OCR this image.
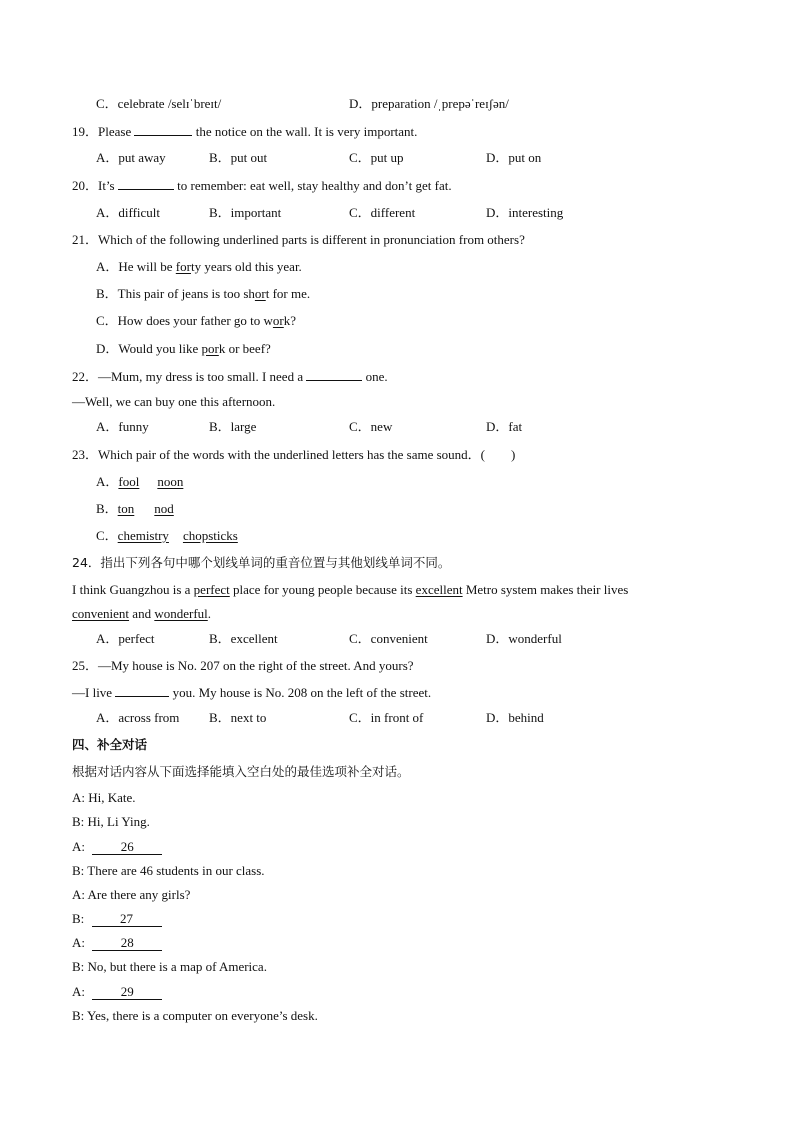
C．celebrate /selɪˈbreɪt/	D．preparation /ˌprepəˈreɪʃən/
19．Please	the notice on the wall. It is very important.
A．put away	B．put out	C．put up	D．put on
20．It’s	to remember: eat well, stay healthy and don’t get fat.
A．difficult	B．important	C．different	D．interesting
21．Which of the following underlined parts is different in pronunciation from others?
A．He will be forty years old this year.
B．This pair of jeans is too short for me.
C．How does your father go to work?
D．Would you like pork or beef?
22．—Mum, my dress is too small. I need a	one.
—Well, we can buy one this afternoon.
A．funny	B．large	C．new	D．fat
23．Which pair of the words with the underlined letters has the same sound．(　　)
A．fool noon
B．ton nod
C．chemistry chopsticks
24．指出下列各句中哪个划线单词的重音位置与其他划线单词不同。
I think Guangzhou is a perfect place for young people because its excellent Metro system makes their lives
convenient and wonderful.
A．perfect	B．excellent	C．convenient	D．wonderful
25．—My house is No. 207 on the right of the street. And yours?
—I live	you. My house is No. 208 on the left of the street.
A．across from B．next to	C．in front of	D．behind
四、补全对话
根据对话内容从下面选择能填入空白处的最佳选项补全对话。
A: Hi, Kate.
B: Hi, Li Ying.
A:	26
B: There are 46 students in our class.
A: Are there any girls?
B:	27
A:	28
B: No, but there is a map of America.
A:	29
B: Yes, there is a computer on everyone’s desk.
